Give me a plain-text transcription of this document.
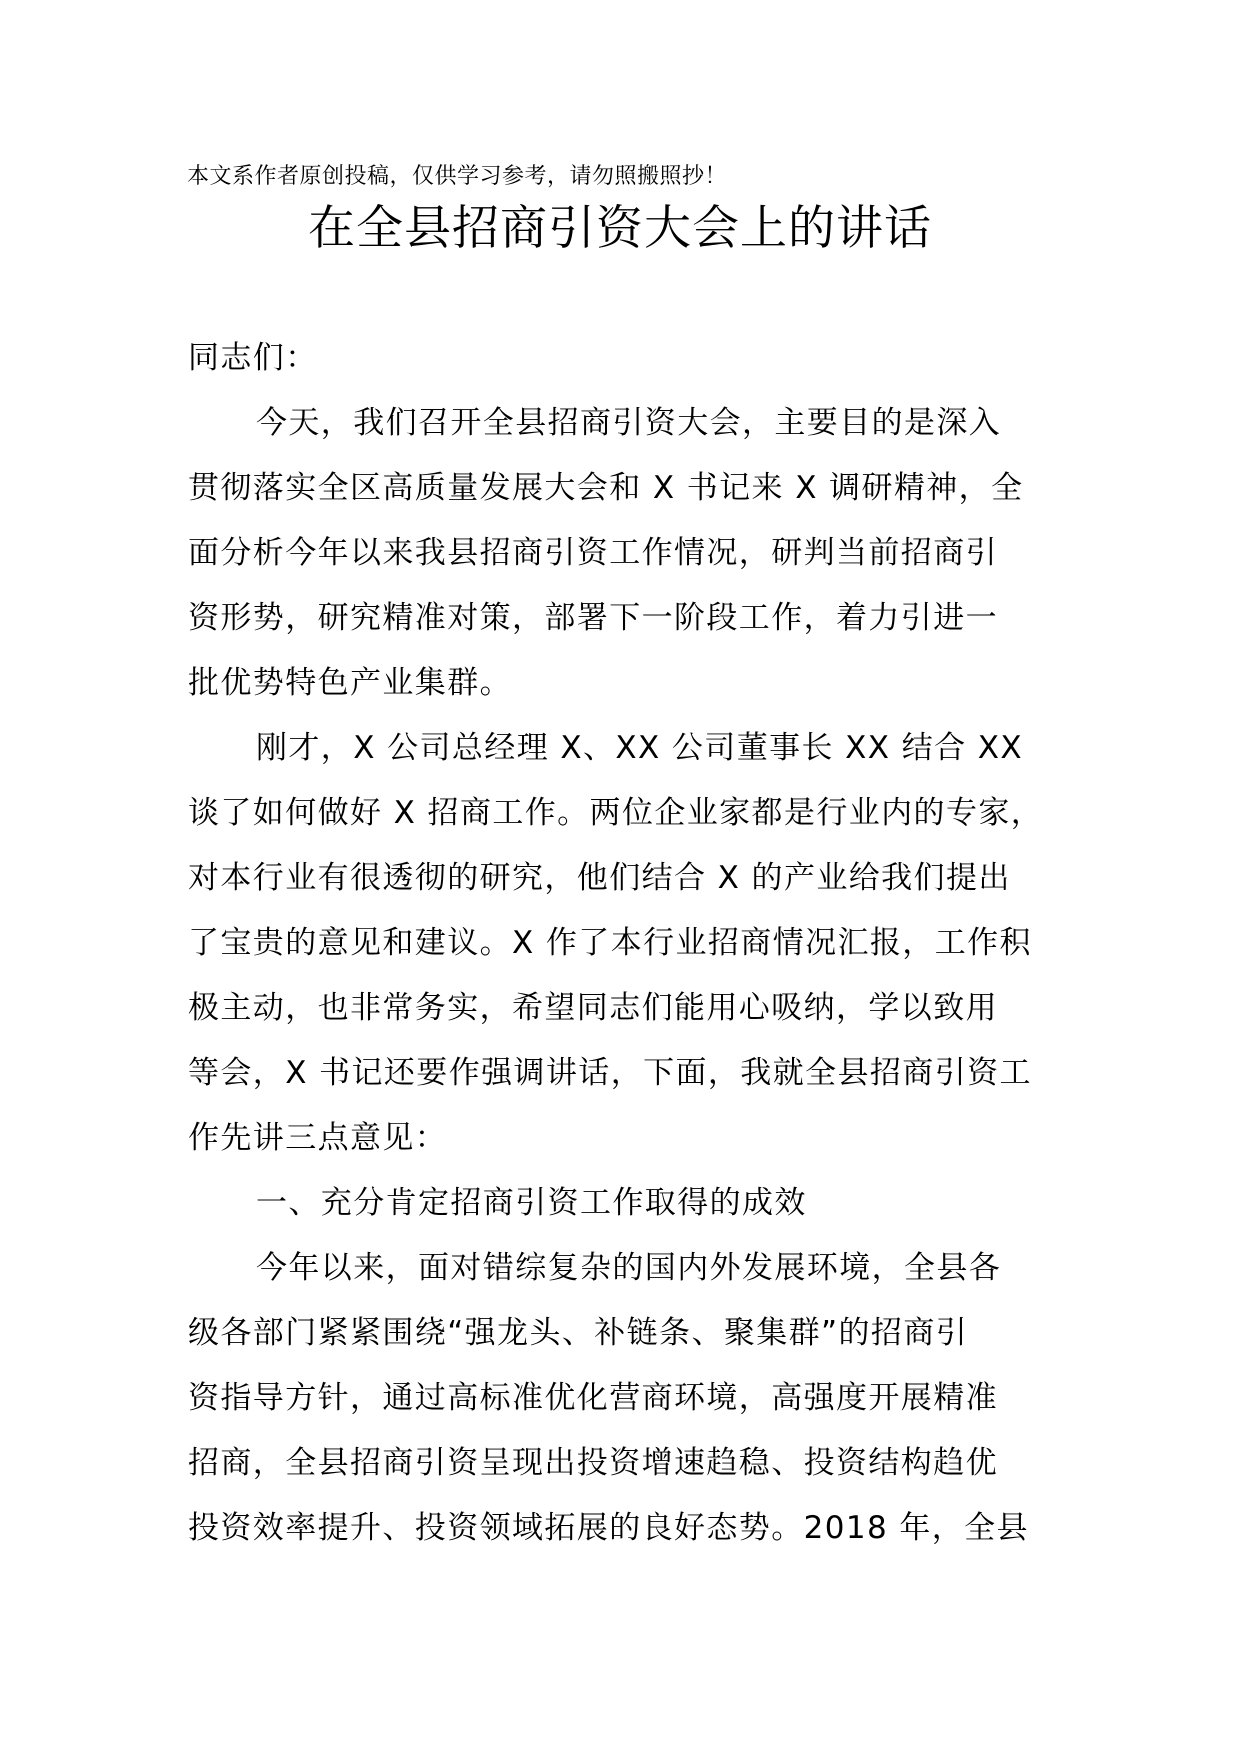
本文系作者原创投稿，仅供学习参考，请勿照搬照抄！
在全县招商引资大会上的讲话
同志们：
今天，我们召开全县招商引资大会，主要目的是深入
贯彻落实全区高质量发展大会和 X 书记来 X 调研精神，全
面分析今年以来我县招商引资工作情况，研判当前招商引
资形势，研究精准对策，部署下一阶段工作，着力引进一
批优势特色产业集群。
刚才，X 公司总经理 X、XX 公司董事长 XX 结合 XX
谈了如何做好 X 招商工作。两位企业家都是行业内的专家，
对本行业有很透彻的研究，他们结合 X 的产业给我们提出
了宝贵的意见和建议。X 作了本行业招商情况汇报，工作积
极主动，也非常务实，希望同志们能用心吸纳，学以致用
等会，X 书记还要作强调讲话，下面，我就全县招商引资工
作先讲三点意见：
一、充分肯定招商引资工作取得的成效
今年以来，面对错综复杂的国内外发展环境，全县各
级各部门紧紧围绕“强龙头、补链条、聚集群”的招商引
资指导方针，通过高标准优化营商环境，高强度开展精准
招商，全县招商引资呈现出投资增速趋稳、投资结构趋优
投资效率提升、投资领域拓展的良好态势。2018 年，全县
